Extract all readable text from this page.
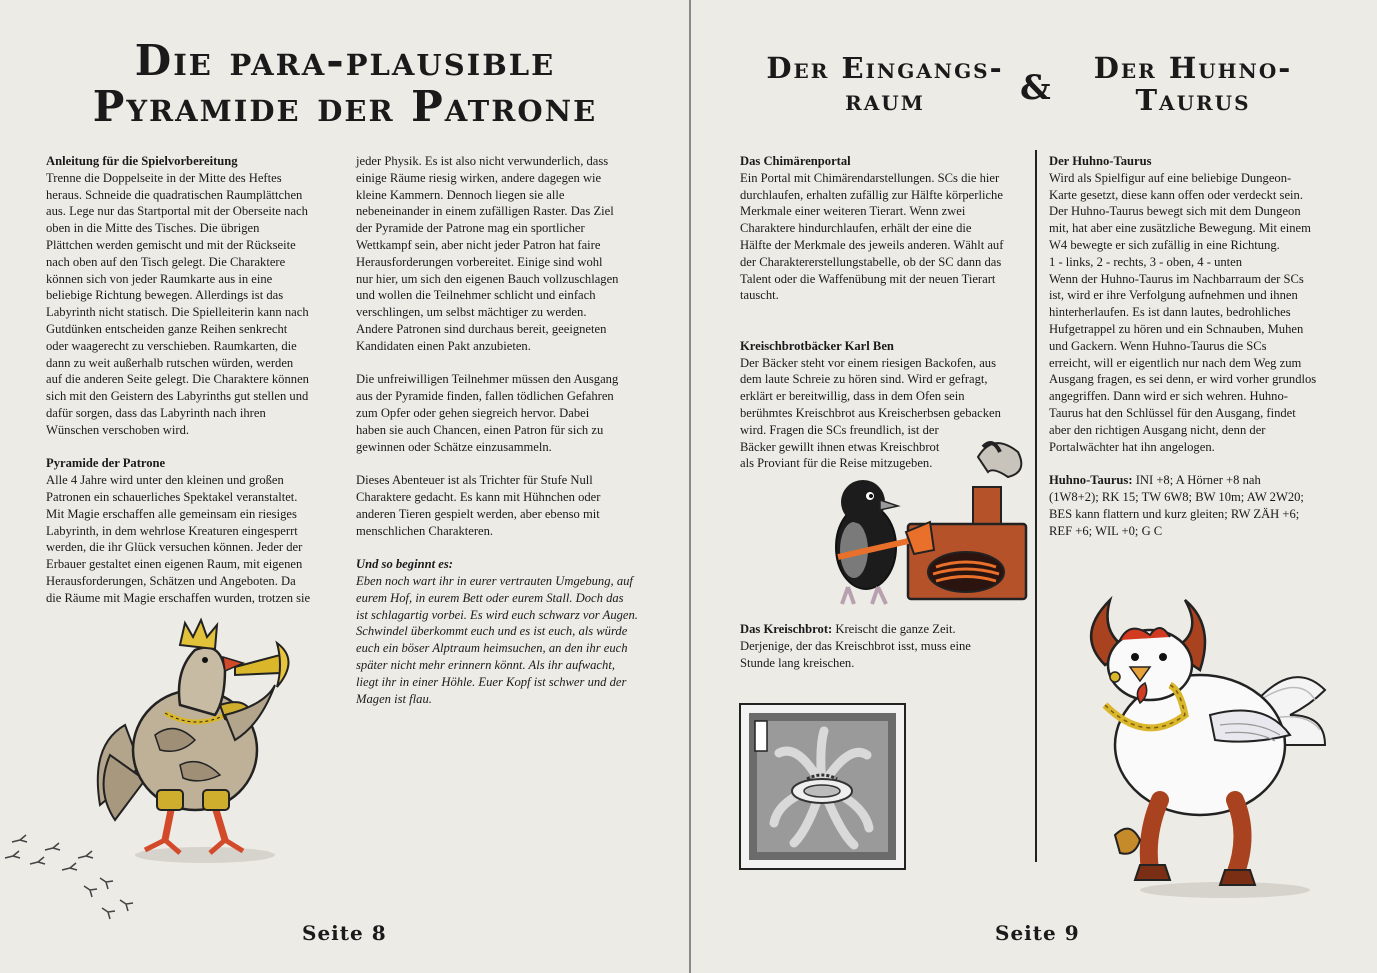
Die para-plausible
Pyramide der Patrone

Anleitung für die Spielvorbereitung

Trenne die Doppelseite in der Mitte des Heftes

heraus. Schneide die quadratischen Raumplättchen

aus. Lege nur das Startportal mit der Oberseite nach

oben in die Mitte des Tisches. Die übrigen

Plättchen werden gemischt und mit der Rückseite

nach oben auf den Tisch gelegt. Die Charaktere

können sich von jeder Raumkarte aus in eine

beliebige Richtung bewegen. Allerdings ist das

Labyrinth nicht statisch. Die Spielleiterin kann nach

Gutdünken entscheiden ganze Reihen senkrecht

oder waagerecht zu verschieben. Raumkarten, die

dann zu weit außerhalb rutschen würden, werden

auf die anderen Seite gelegt. Die Charaktere können

sich mit den Geistern des Labyrinths gut stellen und

dafür sorgen, dass das Labyrinth nach ihren

Wünschen verschoben wird.

Pyramide der Patrone

Alle 4 Jahre wird unter den kleinen und großen

Patronen ein schauerliches Spektakel veranstaltet.

Mit Magie erschaffen alle gemeinsam ein riesiges

Labyrinth, in dem wehrlose Kreaturen eingesperrt

werden, die ihr Glück versuchen können. Jeder der

Erbauer gestaltet einen eigenen Raum, mit eigenen

Herausforderungen, Schätzen und Angeboten. Da

die Räume mit Magie erschaffen wurden, trotzen sie

jeder Physik. Es ist also nicht verwunderlich, dass

einige Räume riesig wirken, andere dagegen wie

kleine Kammern. Dennoch liegen sie alle

nebeneinander in einem zufälligen Raster. Das Ziel

der Pyramide der Patrone mag ein sportlicher

Wettkampf sein, aber nicht jeder Patron hat faire

Herausforderungen vorbereitet. Einige sind wohl

nur hier, um sich den eigenen Bauch vollzuschlagen

und wollen die Teilnehmer schlicht und einfach

verschlingen, um selbst mächtiger zu werden.

Andere Patronen sind durchaus bereit, geeigneten

Kandidaten einen Pakt anzubieten.

Die unfreiwilligen Teilnehmer müssen den Ausgang

aus der Pyramide finden, fallen tödlichen Gefahren

zum Opfer oder gehen siegreich hervor. Dabei

haben sie auch Chancen, einen Patron für sich zu

gewinnen oder Schätze einzusammeln.

Dieses Abenteuer ist als Trichter für Stufe Null

Charaktere gedacht. Es kann mit Hühnchen oder

anderen Tieren gespielt werden, aber ebenso mit

menschlichen Charakteren.

Und so beginnt es:

Eben noch wart ihr in eurer vertrauten Umgebung, auf

eurem Hof, in eurem Bett oder eurem Stall. Doch das

ist schlagartig vorbei. Es wird euch schwarz vor Augen.

Schwindel überkommt euch und es ist euch, als würde

euch ein böser Alptraum heimsuchen, an den ihr euch

später nicht mehr erinnern könnt. Als ihr aufwacht,

liegt ihr in einer Höhle. Euer Kopf ist schwer und der

Magen ist flau.

Der Eingangs-
raum	&	Der Huhno-
Taurus

Das Chimärenportal

Ein Portal mit Chimärendarstellungen. SCs die hier

durchlaufen, erhalten zufällig zur Hälfte körperliche

Merkmale einer weiteren Tierart. Wenn zwei

Charaktere hindurchlaufen, erhält der eine die

Hälfte der Merkmale des jeweils anderen. Wählt auf

der Charaktererstellungstabelle, ob der SC dann das

Talent oder die Waffenübung mit der neuen Tierart

tauscht.

Kreischbrotbäcker Karl Ben

Der Bäcker steht vor einem riesigen Backofen, aus

dem laute Schreie zu hören sind. Wird er gefragt,

erklärt er bereitwillig, dass in dem Ofen sein

berühmtes Kreischbrot aus Kreischerbsen gebacken

wird. Fragen die SCs freundlich, ist der

Bäcker gewillt ihnen etwas Kreischbrot

als Proviant für die Reise mitzugeben.

Der Huhno-Taurus

Wird als Spielfigur auf eine beliebige Dungeon-

Karte gesetzt, diese kann offen oder verdeckt sein.

Der Huhno-Taurus bewegt sich mit dem Dungeon

mit, hat aber eine zusätzliche Bewegung. Mit einem

W4 bewegte er sich zufällig in eine Richtung.

1 - links, 2 - rechts, 3 - oben, 4 - unten

Wenn der Huhno-Taurus im Nachbarraum der SCs

ist, wird er ihre Verfolgung aufnehmen und ihnen

hinterherlaufen. Es ist dann lautes, bedrohliches

Hufgetrappel zu hören und ein Schnauben, Muhen

und Gackern. Wenn Huhno-Taurus die SCs

erreicht, will er eigentlich nur nach dem Weg zum

Ausgang fragen, es sei denn, er wird vorher grundlos

angegriffen. Dann wird er sich wehren. Huhno-

Taurus hat den Schlüssel für den Ausgang, findet

aber den richtigen Ausgang nicht, denn der

Portalwächter hat ihn angelogen.

Huhno-Taurus: INI +8; A Hörner +8 nah

(1W8+2); RK 15; TW 6W8; BW 10m; AW 2W20;

BES kann flattern und kurz gleiten; RW ZÄH +6;

REF +6; WIL +0; G C

Das Kreischbrot: Kreischt die ganze Zeit.

Derjenige, der das Kreischbrot isst, muss eine

Stunde lang kreischen.

Seite 8	Seite 9
